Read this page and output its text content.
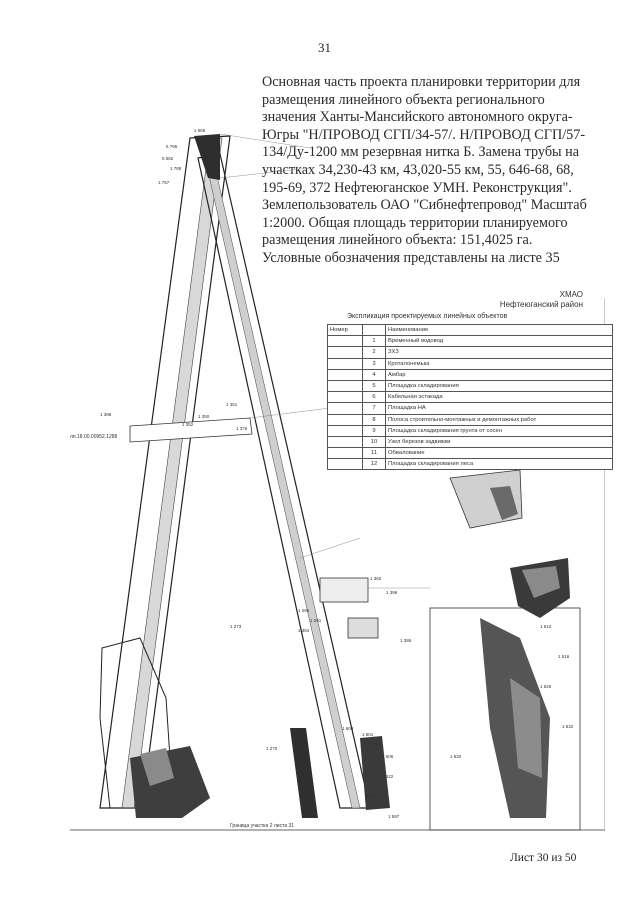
31
Основная часть проекта планировки территории для размещения линейного объекта регионального значения Ханты-Мансийского автономного округа-Югры "Н/ПРОВОД СГП/34-57/. Н/ПРОВОД СГП/57-134/Ду-1200 мм резервная нитка Б. Замена трубы на участках 34,230-43 км, 43,020-55 км, 55, 646-68, 68, 195-69, 372 Нефтеюганское УМН. Реконструкция". Землепользователь ОАО "Сибнефтепровод" Масштаб 1:2000. Общая площадь территории планируемого размещения линейного объекта: 151,4025 га. Условные обозначения представлены на листе 35
1 568
5 795
5 582
1 789
1 757
1 351
1 350
1 352
1 376
1 388
1 384
1 273
1 296
1 291
1 600
1 601
1 610
1 606
1 622
1 580
1 597
1 270
1 362
1 399
1 386
1 610
1 616
1 625
1 632
1 632
лп.18.00.00952.1288
Граница участка 2 листа 31
ХМАО
Нефтеюганский район
Экспликация проектируемых линейных объектов
Номер		Наименование
	1	Временный водовод
	2	ЗХЗ
	3	Кроталонемька
	4	Амбар
	5	Площадка складирования
	6	Кабельная эстакада
	7	Площадка НА
	8	Полоса строительно-монтажных и демонтажных работ
	9	Площадка складирования грунта от сосен
	10	Узел березов задвижки
	11	Обвалование
	12	Площадка складирования леса
Лист 30 из 50
